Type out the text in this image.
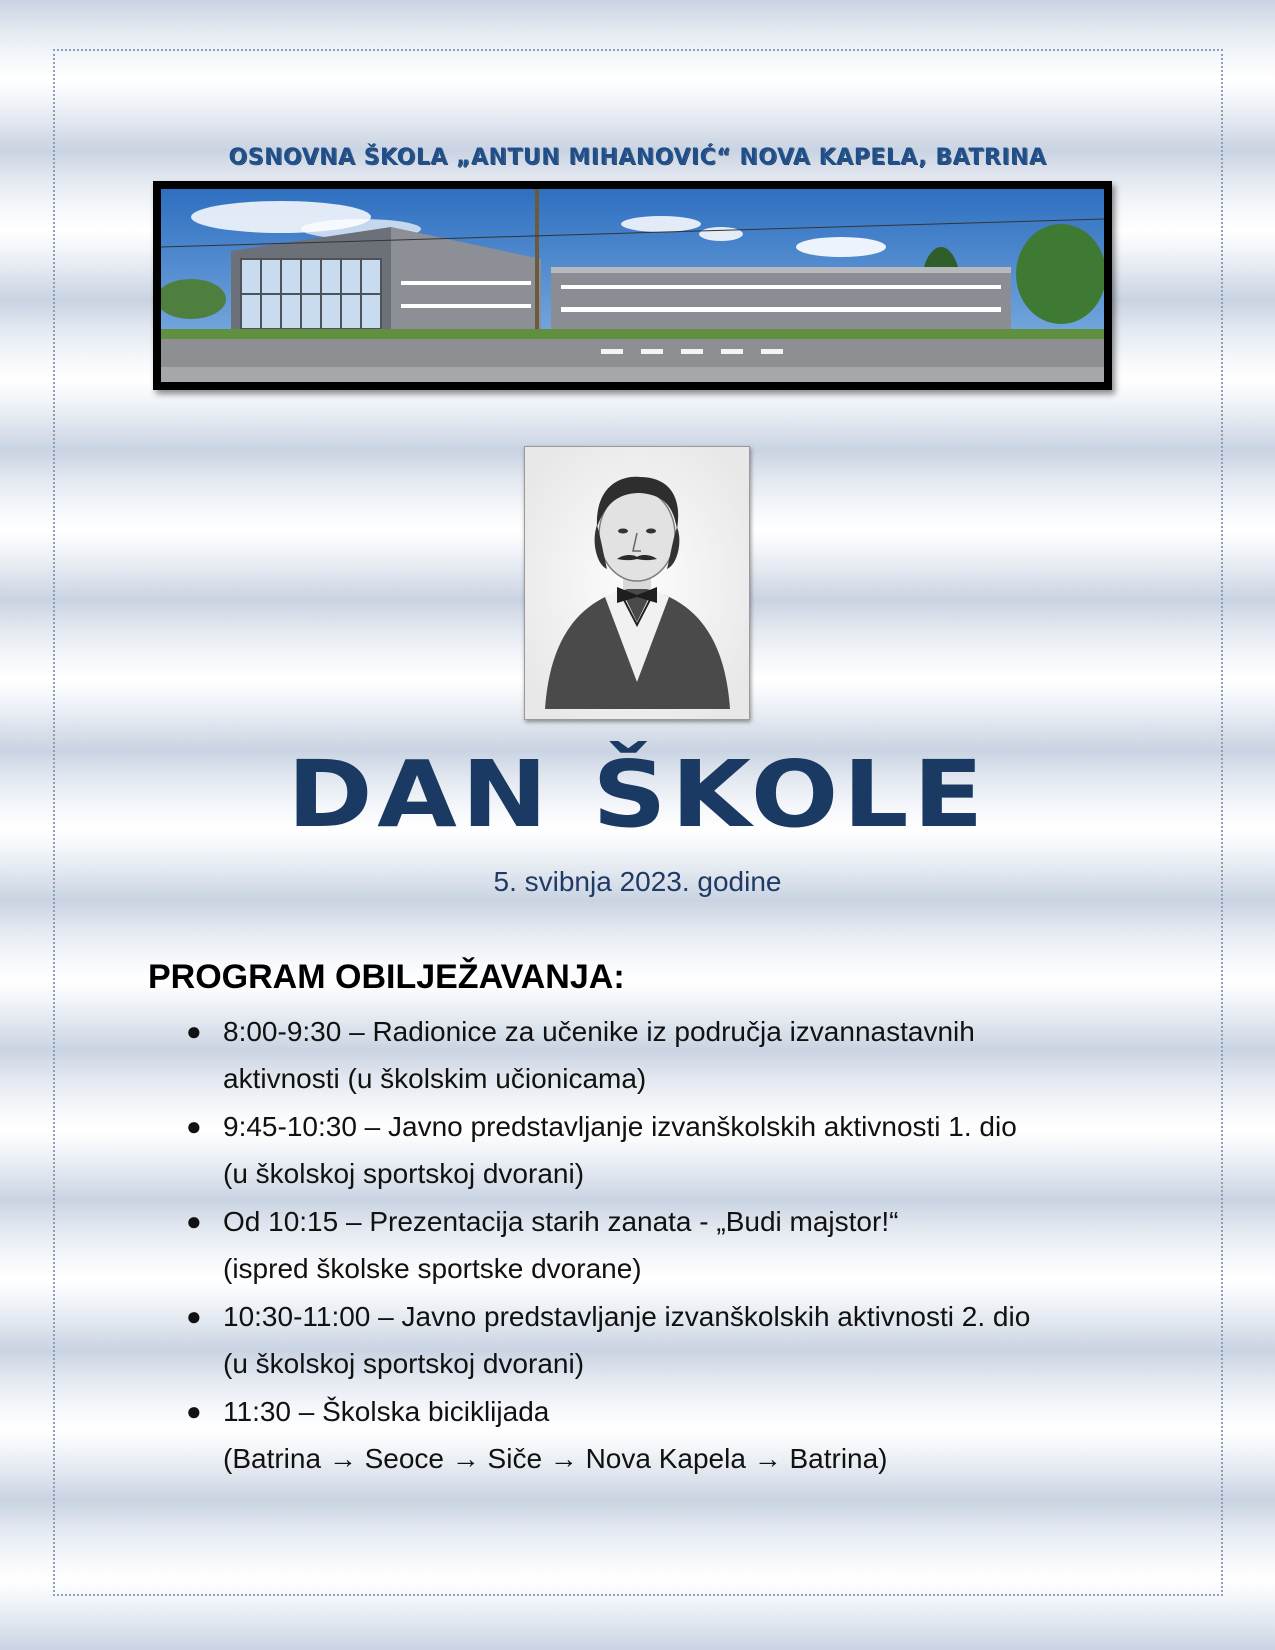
OSNOVNA ŠKOLA „ANTUN MIHANOVIĆ“ NOVA KAPELA, BATRINA
DAN ŠKOLE
5. svibnja 2023. godine
PROGRAM OBILJEŽAVANJA:
● 8:00-9:30 – Radionice za učenike iz područja izvannastavnih
aktivnosti (u školskim učionicama)
● 9:45-10:30 – Javno predstavljanje izvanškolskih aktivnosti 1. dio
(u školskoj sportskoj dvorani)
● Od 10:15 – Prezentacija starih zanata - „Budi majstor!“
(ispred školske sportske dvorane)
● 10:30-11:00 – Javno predstavljanje izvanškolskih aktivnosti 2. dio
(u školskoj sportskoj dvorani)
● 11:30 – Školska biciklijada
(Batrina → Seoce → Siče → Nova Kapela → Batrina)
